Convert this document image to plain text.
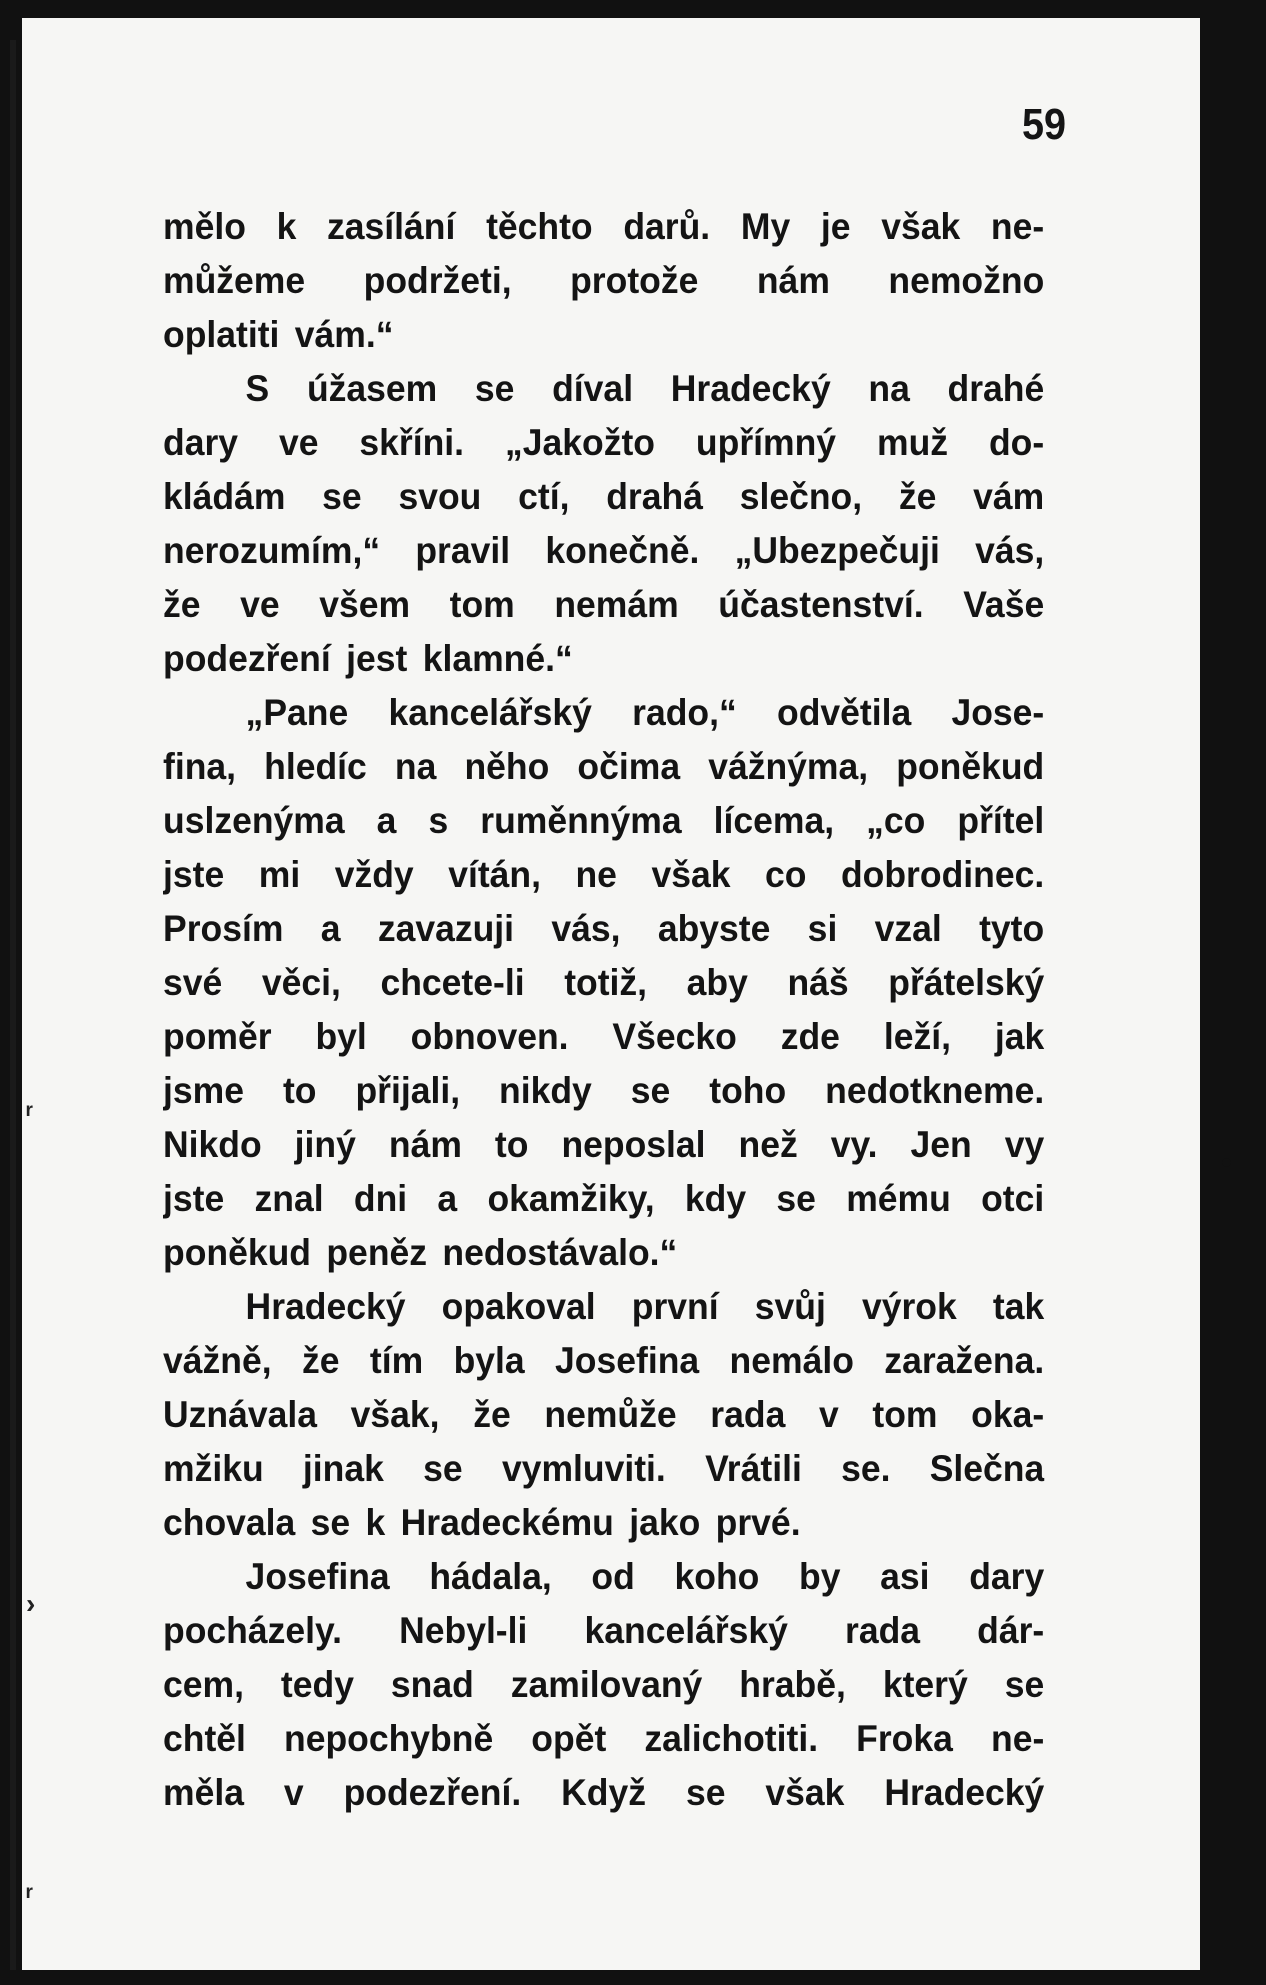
ʳ
›
ʳ
59
mělo k zasílání těchto darů. My je však ne-
můžeme podržeti, protože nám nemožno
oplatiti vám.“
S úžasem se díval Hradecký na drahé
dary ve skříni. „Jakožto upřímný muž do-
kládám se svou ctí, drahá slečno, že vám
nerozumím,“ pravil konečně. „Ubezpečuji vás,
že ve všem tom nemám účastenství. Vaše
podezření jest klamné.“
„Pane kancelářský rado,“ odvětila Jose-
fina, hledíc na něho očima vážnýma, poněkud
uslzenýma a s ruměnnýma lícema, „co přítel
jste mi vždy vítán, ne však co dobrodinec.
Prosím a zavazuji vás, abyste si vzal tyto
své věci, chcete-li totiž, aby náš přátelský
poměr byl obnoven. Všecko zde leží, jak
jsme to přijali, nikdy se toho nedotkneme.
Nikdo jiný nám to neposlal než vy. Jen vy
jste znal dni a okamžiky, kdy se mému otci
poněkud peněz nedostávalo.“
Hradecký opakoval první svůj výrok tak
vážně, že tím byla Josefina nemálo zaražena.
Uznávala však, že nemůže rada v tom oka-
mžiku jinak se vymluviti. Vrátili se. Slečna
chovala se k Hradeckému jako prvé.
Josefina hádala, od koho by asi dary
pocházely. Nebyl-li kancelářský rada dár-
cem, tedy snad zamilovaný hrabě, který se
chtěl nepochybně opět zalichotiti. Froka ne-
měla v podezření. Když se však Hradecký
